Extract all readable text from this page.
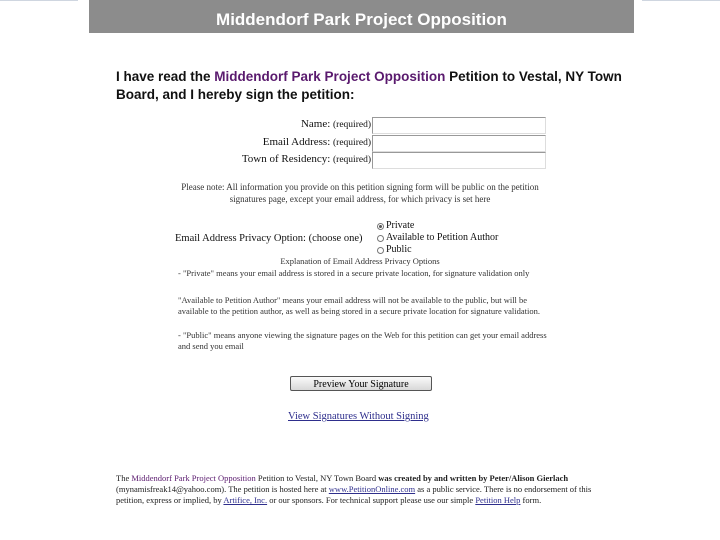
Middendorf Park Project Opposition
I have read the Middendorf Park Project Opposition Petition to Vestal, NY Town Board, and I hereby sign the petition:
Name: (required)
Email Address: (required)
Town of Residency: (required)
Please note: All information you provide on this petition signing form will be public on the petition signatures page, except your email address, for which privacy is set here
Email Address Privacy Option: (choose one)
Private
Available to Petition Author
Public
Explanation of Email Address Privacy Options
- "Private" means your email address is stored in a secure private location, for signature validation only
"Available to Petition Author" means your email address will not be available to the public, but will be available to the petition author, as well as being stored in a secure private location for signature validation.
- "Public" means anyone viewing the signature pages on the Web for this petition can get your email address and send you email
Preview Your Signature
View Signatures Without Signing
The Middendorf Park Project Opposition Petition to Vestal, NY Town Board was created by and written by Peter/Alison Gierlach (mynamisfreak14@yahoo.com). The petition is hosted here at www.PetitionOnline.com as a public service. There is no endorsement of this petition, express or implied, by Artifice, Inc. or our sponsors. For technical support please use our simple Petition Help form.
